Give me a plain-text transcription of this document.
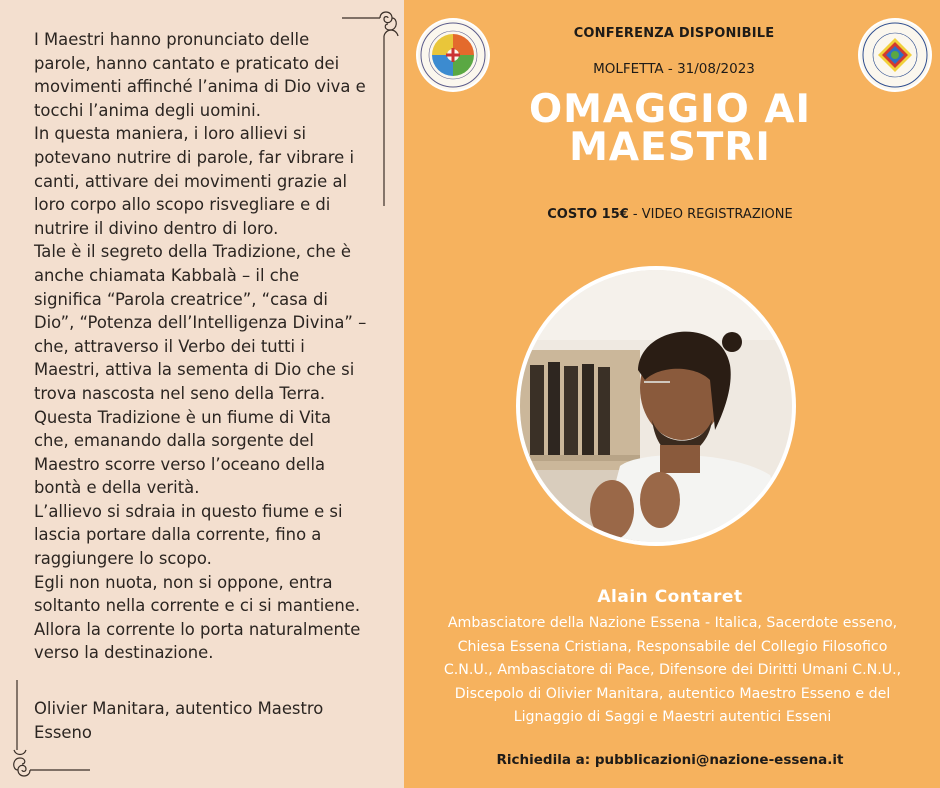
I Maestri hanno pronunciato delle

parole, hanno cantato e praticato dei

movimenti affinché l’anima di Dio viva e

tocchi l’anima degli uomini.

In questa maniera, i loro allievi si

potevano nutrire di parole, far vibrare i

canti, attivare dei movimenti grazie al

loro corpo allo scopo risvegliare e di

nutrire il divino dentro di loro.

Tale è il segreto della Tradizione, che è

anche chiamata Kabbalà – il che

significa “Parola creatrice”, “casa di

Dio”, “Potenza dell’Intelligenza Divina” –

che, attraverso il Verbo dei tutti i

Maestri, attiva la sementa di Dio che si

trova nascosta nel seno della Terra.

Questa Tradizione è un fiume di Vita

che, emanando dalla sorgente del

Maestro scorre verso l’oceano della

bontà e della verità.

L’allievo si sdraia in questo fiume e si

lascia portare dalla corrente, fino a

raggiungere lo scopo.

Egli non nuota, non si oppone, entra

soltanto nella corrente e ci si mantiene.

Allora la corrente lo porta naturalmente

verso la destinazione.

Olivier Manitara, autentico Maestro
Esseno
CONFERENZA DISPONIBILE
MOLFETTA - 31/08/2023
OMAGGIO AI
MAESTRI
COSTO 15€ - VIDEO REGISTRAZIONE
Alain Contaret
Ambasciatore della Nazione Essena - Italica, Sacerdote esseno,
Chiesa Essena Cristiana, Responsabile del Collegio Filosofico
C.N.U., Ambasciatore di Pace, Difensore dei Diritti Umani C.N.U.,
Discepolo di Olivier Manitara, autentico Maestro Esseno e del
Lignaggio di Saggi e Maestri autentici Esseni
Richiedila a: pubblicazioni@nazione-essena.it
